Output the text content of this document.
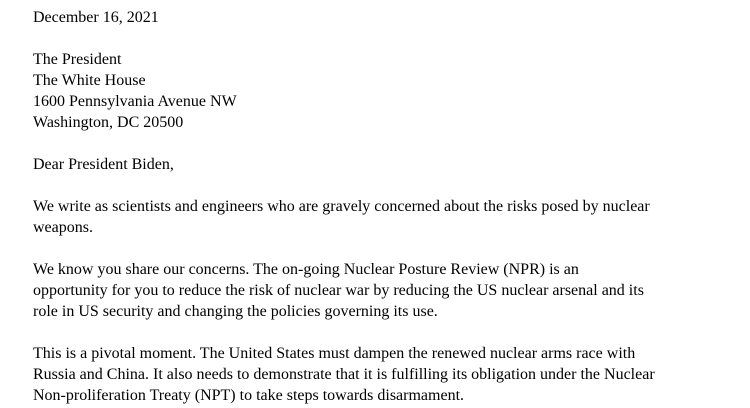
December 16, 2021
The President
The White House
1600 Pennsylvania Avenue NW
Washington, DC 20500
Dear President Biden,
We write as scientists and engineers who are gravely concerned about the risks posed by nuclear
weapons.
We know you share our concerns. The on-going Nuclear Posture Review (NPR) is an
opportunity for you to reduce the risk of nuclear war by reducing the US nuclear arsenal and its
role in US security and changing the policies governing its use.
This is a pivotal moment. The United States must dampen the renewed nuclear arms race with
Russia and China. It also needs to demonstrate that it is fulfilling its obligation under the Nuclear
Non-proliferation Treaty (NPT) to take steps towards disarmament.
